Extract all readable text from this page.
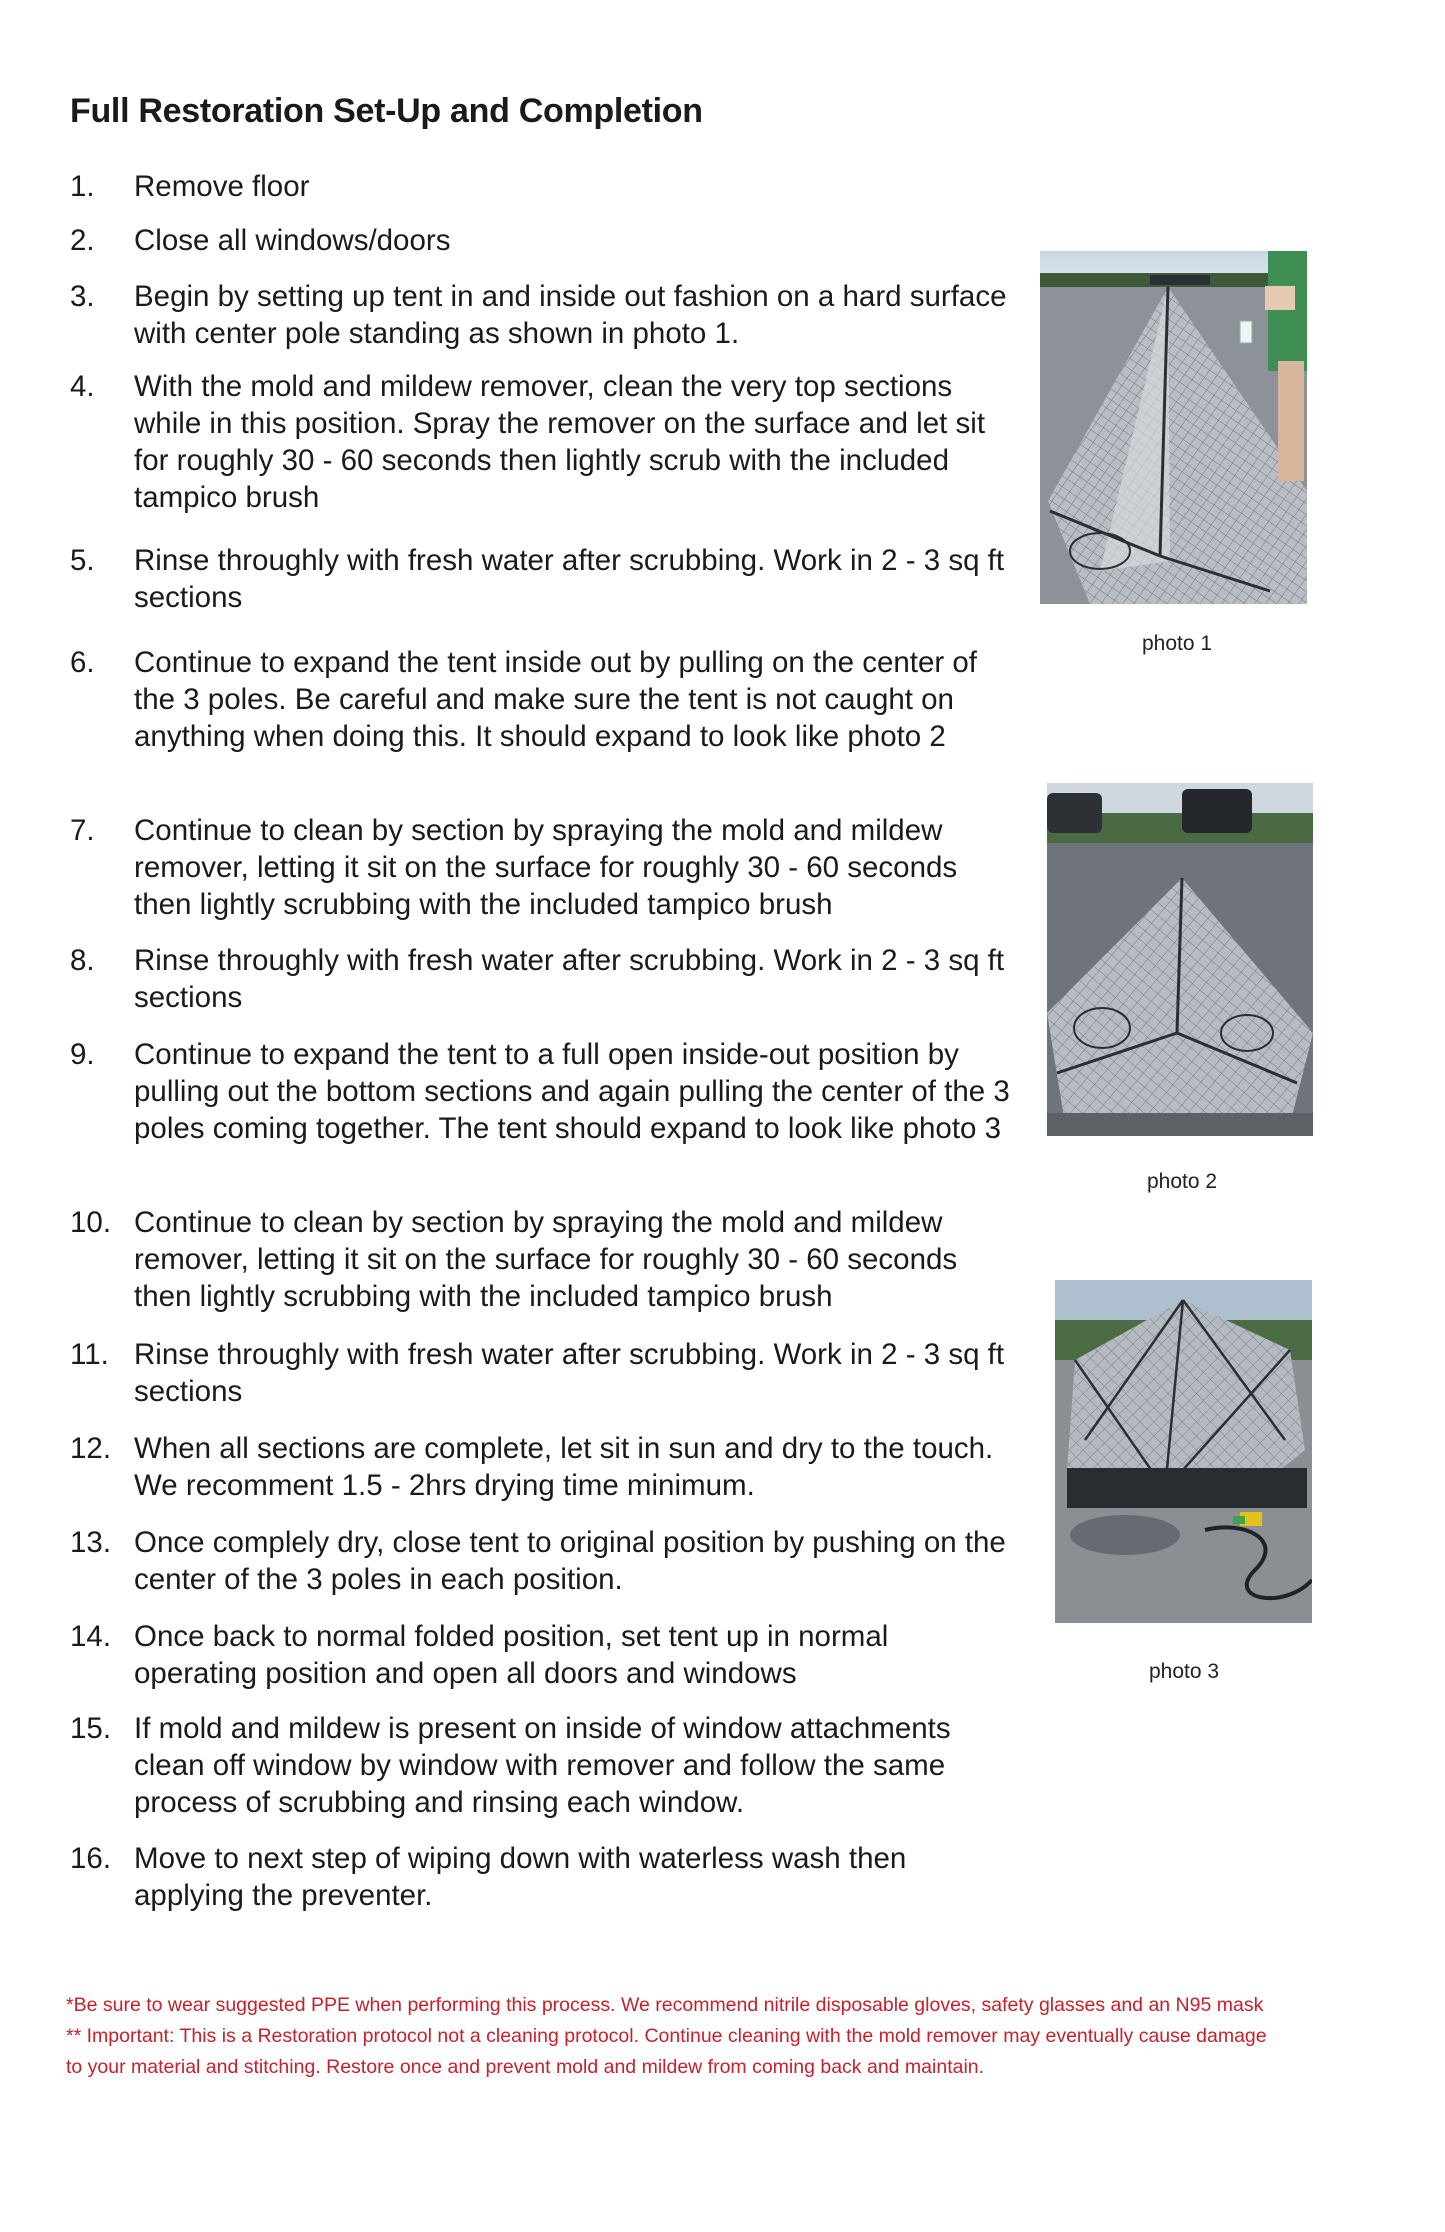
Full Restoration Set-Up and Completion
1.	Remove floor
2.	Close all windows/doors
3.	Begin by setting up tent in and inside out fashion on a hard surface with center pole standing as shown in photo 1.
4.	With the mold and mildew remover, clean the very top sections while in this position. Spray the remover on the surface and let sit for roughly 30 - 60 seconds then lightly scrub with the included tampico brush
5.	Rinse throughly with fresh water after scrubbing. Work in 2 - 3 sq ft sections
6.	Continue to expand the tent inside out by pulling on the center of the 3 poles. Be careful and make sure the tent is not caught on anything when doing this. It should expand to look like photo 2
7.	Continue to clean by section by spraying the mold and mildew remover, letting it sit on the surface for roughly 30 - 60 seconds then lightly scrubbing with the included tampico brush
8.	Rinse throughly with fresh water after scrubbing. Work in 2 - 3 sq ft sections
9.	Continue to expand the tent to a full open inside-out position by pulling out the bottom sections and again pulling the center of the 3 poles coming together. The tent should expand to look like photo 3
10. Continue to clean by section by spraying the mold and mildew remover, letting it sit on the surface for roughly 30 - 60 seconds then lightly scrubbing with the included tampico brush
11. Rinse throughly with fresh water after scrubbing. Work in 2 - 3 sq ft sections
12. When all sections are complete, let sit in sun and dry to the touch. We recomment 1.5 - 2hrs drying time minimum.
13. Once complely dry, close tent to original position by pushing on the center of the 3 poles in each position.
14. Once back to normal folded position, set tent up in normal operating position and open all doors and windows
15. If mold and mildew is present on inside of window attachments clean off window by window with remover and follow the same process of scrubbing and rinsing each window.
16. Move to next step of wiping down with waterless wash then applying the preventer.
photo 1
photo 2
photo 3
*Be sure to wear suggested PPE when performing this process. We recommend nitrile disposable gloves, safety glasses and an N95 mask
** Important: This is a Restoration protocol not a cleaning protocol. Continue cleaning with the mold remover may eventually cause damage
to your material and stitching. Restore once and prevent mold and mildew from coming back and maintain.
